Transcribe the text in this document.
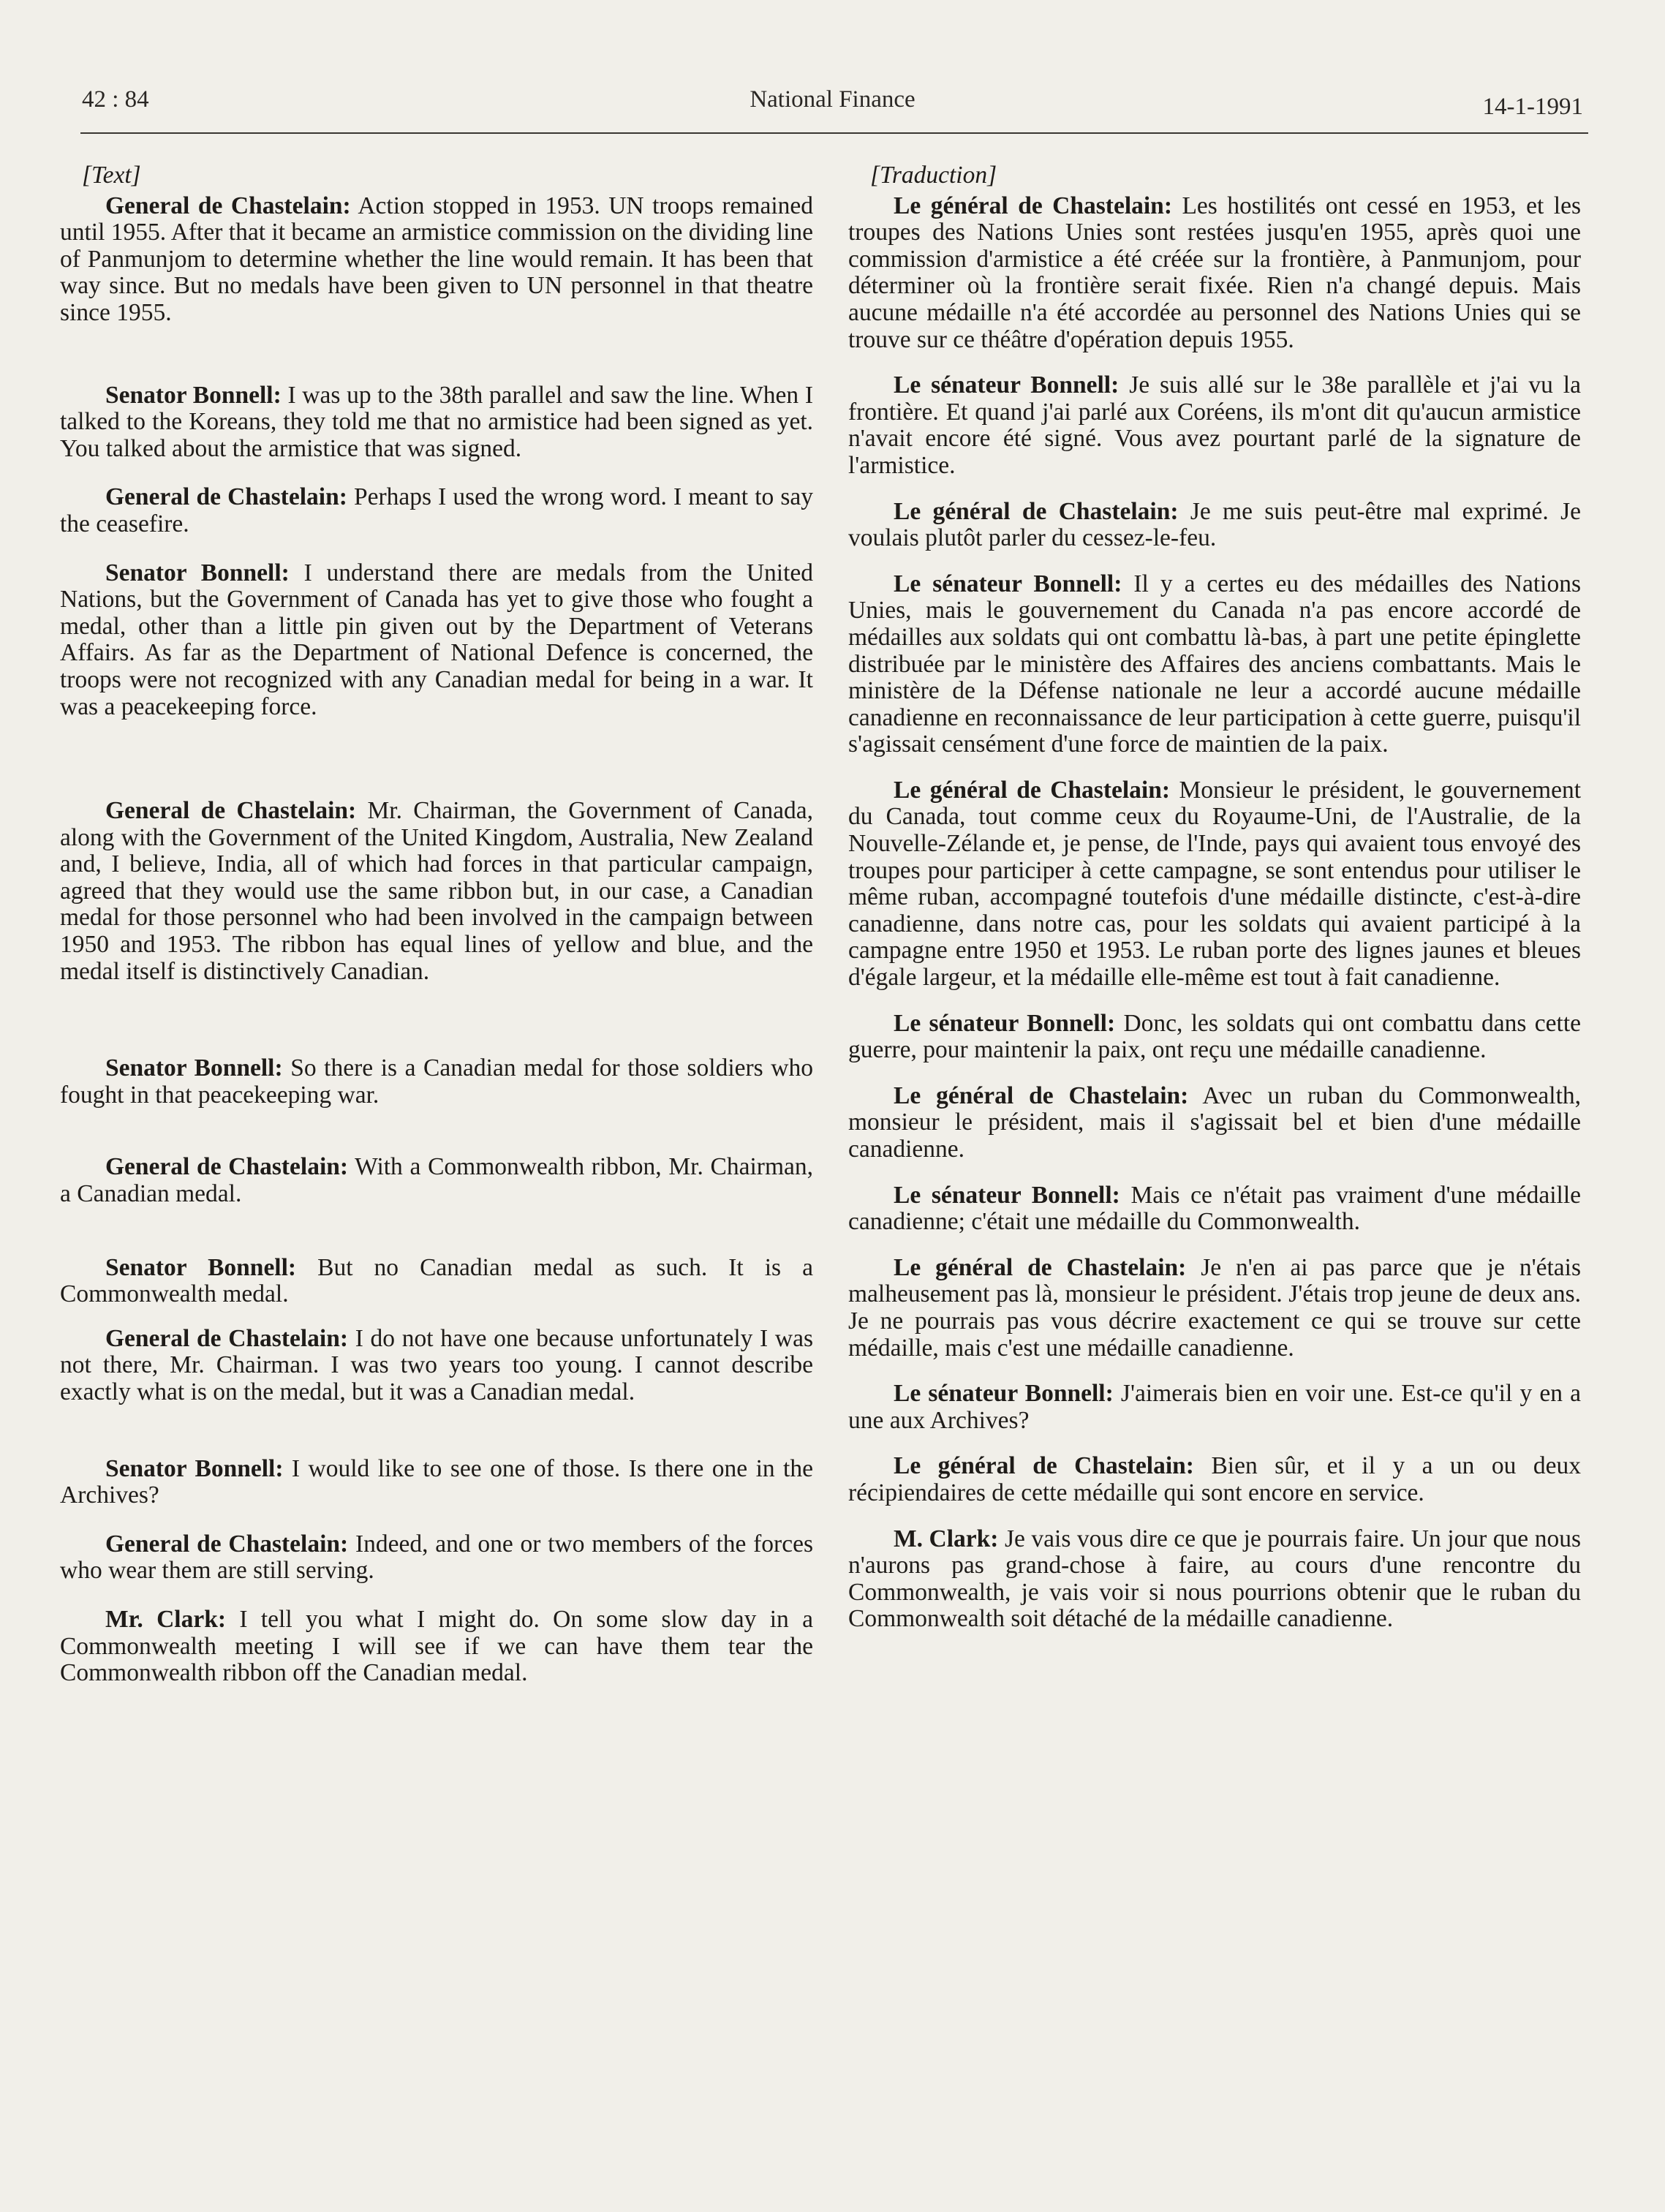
42 : 84	National Finance	14-1-1991
[Text]

General de Chastelain: Action stopped in 1953. UN troops remained until 1955. After that it became an armistice commission on the dividing line of Panmunjom to determine whether the line would remain. It has been that way since. But no medals have been given to UN personnel in that theatre since 1955.

Senator Bonnell: I was up to the 38th parallel and saw the line. When I talked to the Koreans, they told me that no armistice had been signed as yet. You talked about the armistice that was signed.

General de Chastelain: Perhaps I used the wrong word. I meant to say the ceasefire.

Senator Bonnell: I understand there are medals from the United Nations, but the Government of Canada has yet to give those who fought a medal, other than a little pin given out by the Department of Veterans Affairs. As far as the Department of National Defence is concerned, the troops were not recognized with any Canadian medal for being in a war. It was a peacekeeping force.

General de Chastelain: Mr. Chairman, the Government of Canada, along with the Government of the United Kingdom, Australia, New Zealand and, I believe, India, all of which had forces in that particular campaign, agreed that they would use the same ribbon but, in our case, a Canadian medal for those personnel who had been involved in the campaign between 1950 and 1953. The ribbon has equal lines of yellow and blue, and the medal itself is distinctively Canadian.

Senator Bonnell: So there is a Canadian medal for those soldiers who fought in that peacekeeping war.

General de Chastelain: With a Commonwealth ribbon, Mr. Chairman, a Canadian medal.

Senator Bonnell: But no Canadian medal as such. It is a Commonwealth medal.

General de Chastelain: I do not have one because unfortunately I was not there, Mr. Chairman. I was two years too young. I cannot describe exactly what is on the medal, but it was a Canadian medal.

Senator Bonnell: I would like to see one of those. Is there one in the Archives?

General de Chastelain: Indeed, and one or two members of the forces who wear them are still serving.

Mr. Clark: I tell you what I might do. On some slow day in a Commonwealth meeting I will see if we can have them tear the Commonwealth ribbon off the Canadian medal.

[Traduction]

Le général de Chastelain: Les hostilités ont cessé en 1953, et les troupes des Nations Unies sont restées jusqu'en 1955, après quoi une commission d'armistice a été créée sur la frontière, à Panmunjom, pour déterminer où la frontière serait fixée. Rien n'a changé depuis. Mais aucune médaille n'a été accordée au personnel des Nations Unies qui se trouve sur ce théâtre d'opération depuis 1955.

Le sénateur Bonnell: Je suis allé sur le 38e parallèle et j'ai vu la frontière. Et quand j'ai parlé aux Coréens, ils m'ont dit qu'aucun armistice n'avait encore été signé. Vous avez pourtant parlé de la signature de l'armistice.

Le général de Chastelain: Je me suis peut-être mal exprimé. Je voulais plutôt parler du cessez-le-feu.

Le sénateur Bonnell: Il y a certes eu des médailles des Nations Unies, mais le gouvernement du Canada n'a pas encore accordé de médailles aux soldats qui ont combattu là-bas, à part une petite épinglette distribuée par le ministère des Affaires des anciens combattants. Mais le ministère de la Défense nationale ne leur a accordé aucune médaille canadienne en reconnaissance de leur participation à cette guerre, puisqu'il s'agissait censément d'une force de maintien de la paix.

Le général de Chastelain: Monsieur le président, le gouvernement du Canada, tout comme ceux du Royaume-Uni, de l'Australie, de la Nouvelle-Zélande et, je pense, de l'Inde, pays qui avaient tous envoyé des troupes pour participer à cette campagne, se sont entendus pour utiliser le même ruban, accompagné toutefois d'une médaille distincte, c'est-à-dire canadienne, dans notre cas, pour les soldats qui avaient participé à la campagne entre 1950 et 1953. Le ruban porte des lignes jaunes et bleues d'égale largeur, et la médaille elle-même est tout à fait canadienne.

Le sénateur Bonnell: Donc, les soldats qui ont combattu dans cette guerre, pour maintenir la paix, ont reçu une médaille canadienne.

Le général de Chastelain: Avec un ruban du Commonwealth, monsieur le président, mais il s'agissait bel et bien d'une médaille canadienne.

Le sénateur Bonnell: Mais ce n'était pas vraiment d'une médaille canadienne; c'était une médaille du Commonwealth.

Le général de Chastelain: Je n'en ai pas parce que je n'étais malheusement pas là, monsieur le président. J'étais trop jeune de deux ans. Je ne pourrais pas vous décrire exactement ce qui se trouve sur cette médaille, mais c'est une médaille canadienne.

Le sénateur Bonnell: J'aimerais bien en voir une. Est-ce qu'il y en a une aux Archives?

Le général de Chastelain: Bien sûr, et il y a un ou deux récipiendaires de cette médaille qui sont encore en service.

M. Clark: Je vais vous dire ce que je pourrais faire. Un jour que nous n'aurons pas grand-chose à faire, au cours d'une rencontre du Commonwealth, je vais voir si nous pourrions obtenir que le ruban du Commonwealth soit détaché de la médaille canadienne.
